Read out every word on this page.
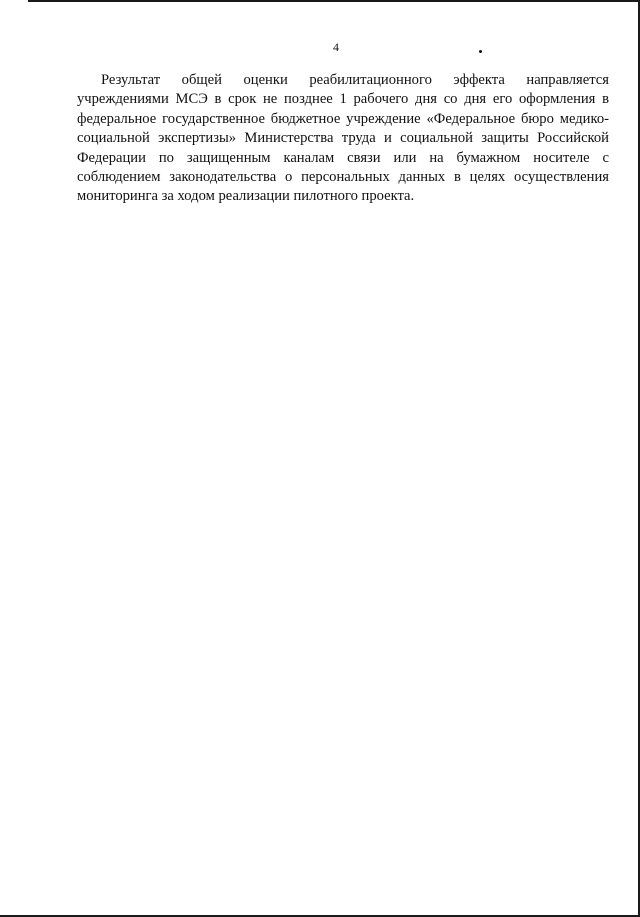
4

Результат общей оценки реабилитационного эффекта направляется учреждениями МСЭ в срок не позднее 1 рабочего дня со дня его оформления в федеральное государственное бюджетное учреждение «Федеральное бюро медико-социальной экспертизы» Министерства труда и социальной защиты Российской Федерации по защищенным каналам связи или на бумажном носителе с соблюдением законодательства о персональных данных в целях осуществления мониторинга за ходом реализации пилотного проекта.
